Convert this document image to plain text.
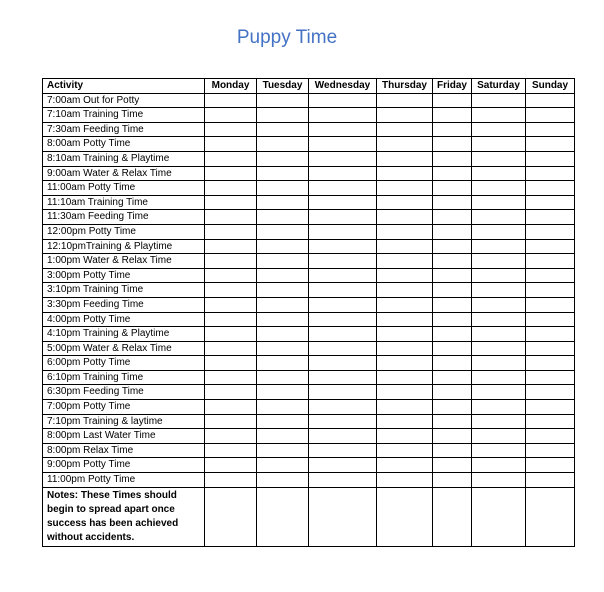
Puppy Time
Activity	Monday	Tuesday	Wednesday	Thursday	Friday	Saturday	Sunday
7:00am Out for Potty							
7:10am Training Time							
7:30am Feeding Time							
8:00am Potty Time							
8:10am Training & Playtime							
9:00am Water & Relax Time							
11:00am Potty Time							
11:10am Training Time							
11:30am Feeding Time							
12:00pm Potty Time							
12:10pmTraining & Playtime							
1:00pm Water & Relax Time							
3:00pm Potty Time							
3:10pm Training Time							
3:30pm Feeding Time							
4:00pm Potty Time							
4:10pm Training & Playtime							
5:00pm Water & Relax Time							
6:00pm Potty Time							
6:10pm Training Time							
6:30pm Feeding Time							
7:00pm Potty Time							
7:10pm Training & laytime							
8:00pm Last Water Time							
8:00pm Relax Time							
9:00pm Potty Time							
11:00pm Potty Time							
Notes: These Times should begin to spread apart once success has been achieved without accidents.							
